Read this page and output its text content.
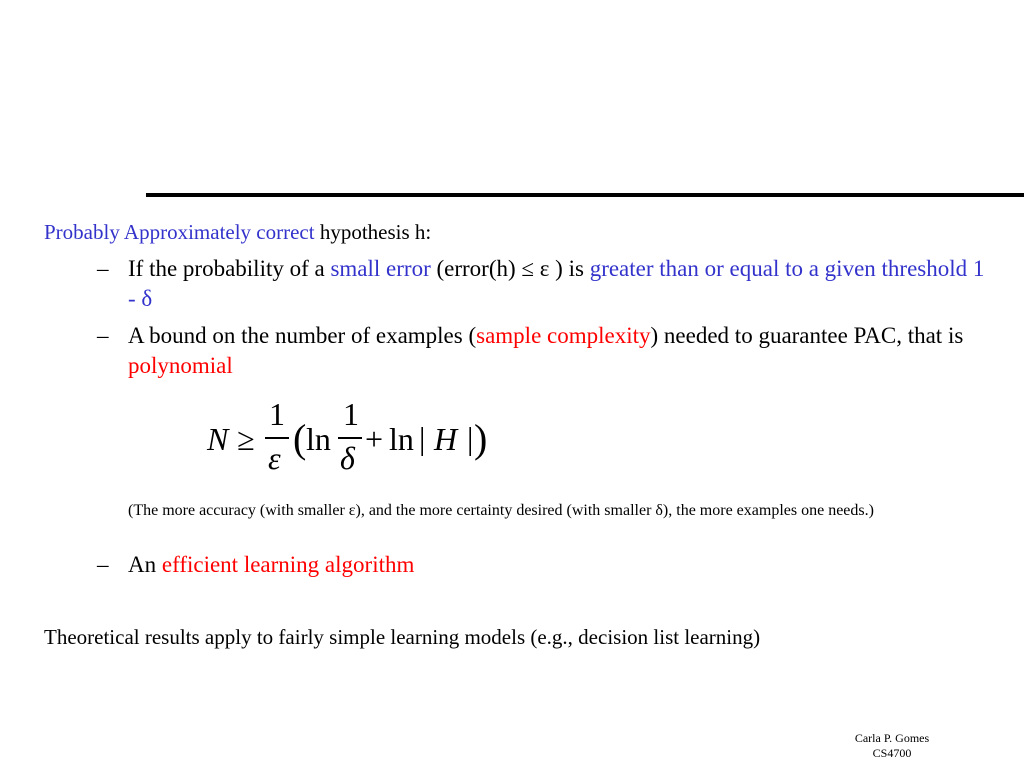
Probably Approximately correct hypothesis h:
– If the probability of a small error (error(h) ≤ ε ) is greater than or equal to a given threshold 1 - δ
– A bound on the number of examples (sample complexity) needed to guarantee PAC, that is polynomial
N ≥
1
ε ( ln
1
δ
+ ln | H | )
(The more accuracy (with smaller ε), and the more certainty desired (with smaller δ), the more examples one needs.)
– An efficient learning algorithm
Theoretical results apply to fairly simple learning models (e.g., decision list learning)
Carla P. Gomes
CS4700
